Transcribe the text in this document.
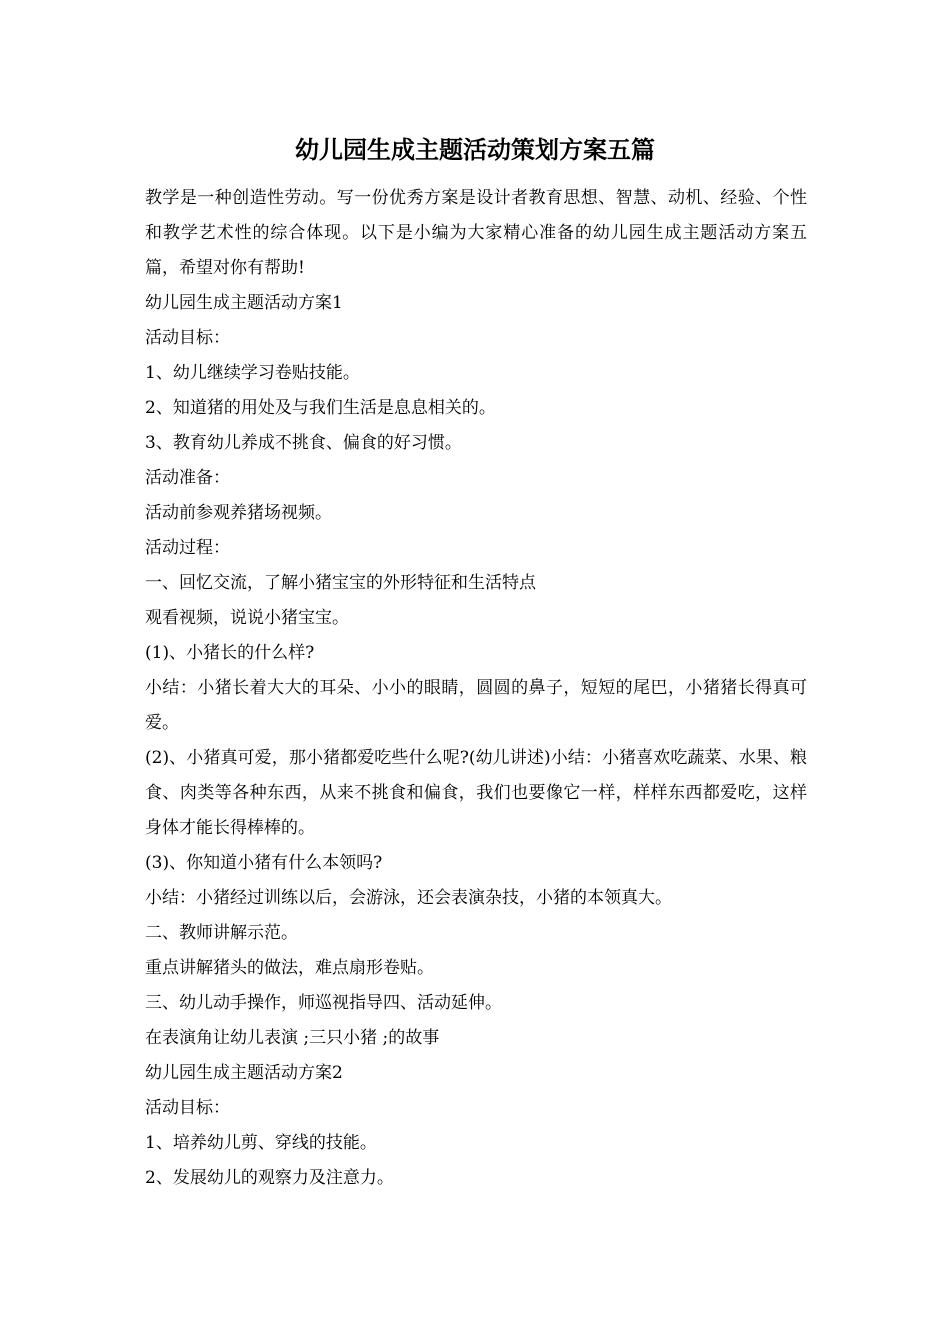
幼儿园生成主题活动策划方案五篇

教学是一种创造性劳动。写一份优秀方案是设计者教育思想、智慧、动机、经验、个性和教学艺术性的综合体现。以下是小编为大家精心准备的幼儿园生成主题活动方案五篇，希望对你有帮助!

幼儿园生成主题活动方案1

活动目标：

1、幼儿继续学习卷贴技能。

2、知道猪的用处及与我们生活是息息相关的。

3、教育幼儿养成不挑食、偏食的好习惯。

活动准备：

活动前参观养猪场视频。

活动过程：

一、回忆交流，了解小猪宝宝的外形特征和生活特点

观看视频，说说小猪宝宝。

(1)、小猪长的什么样?

小结：小猪长着大大的耳朵、小小的眼睛，圆圆的鼻子，短短的尾巴，小猪猪长得真可爱。

(2)、小猪真可爱，那小猪都爱吃些什么呢?(幼儿讲述)小结：小猪喜欢吃蔬菜、水果、粮食、肉类等各种东西，从来不挑食和偏食，我们也要像它一样，样样东西都爱吃，这样身体才能长得棒棒的。

(3)、你知道小猪有什么本领吗?

小结：小猪经过训练以后，会游泳，还会表演杂技，小猪的本领真大。

二、教师讲解示范。

重点讲解猪头的做法，难点扇形卷贴。

三、幼儿动手操作，师巡视指导四、活动延伸。

在表演角让幼儿表演 ;三只小猪 ;的故事

幼儿园生成主题活动方案2

活动目标：

1、培养幼儿剪、穿线的技能。

2、发展幼儿的观察力及注意力。
